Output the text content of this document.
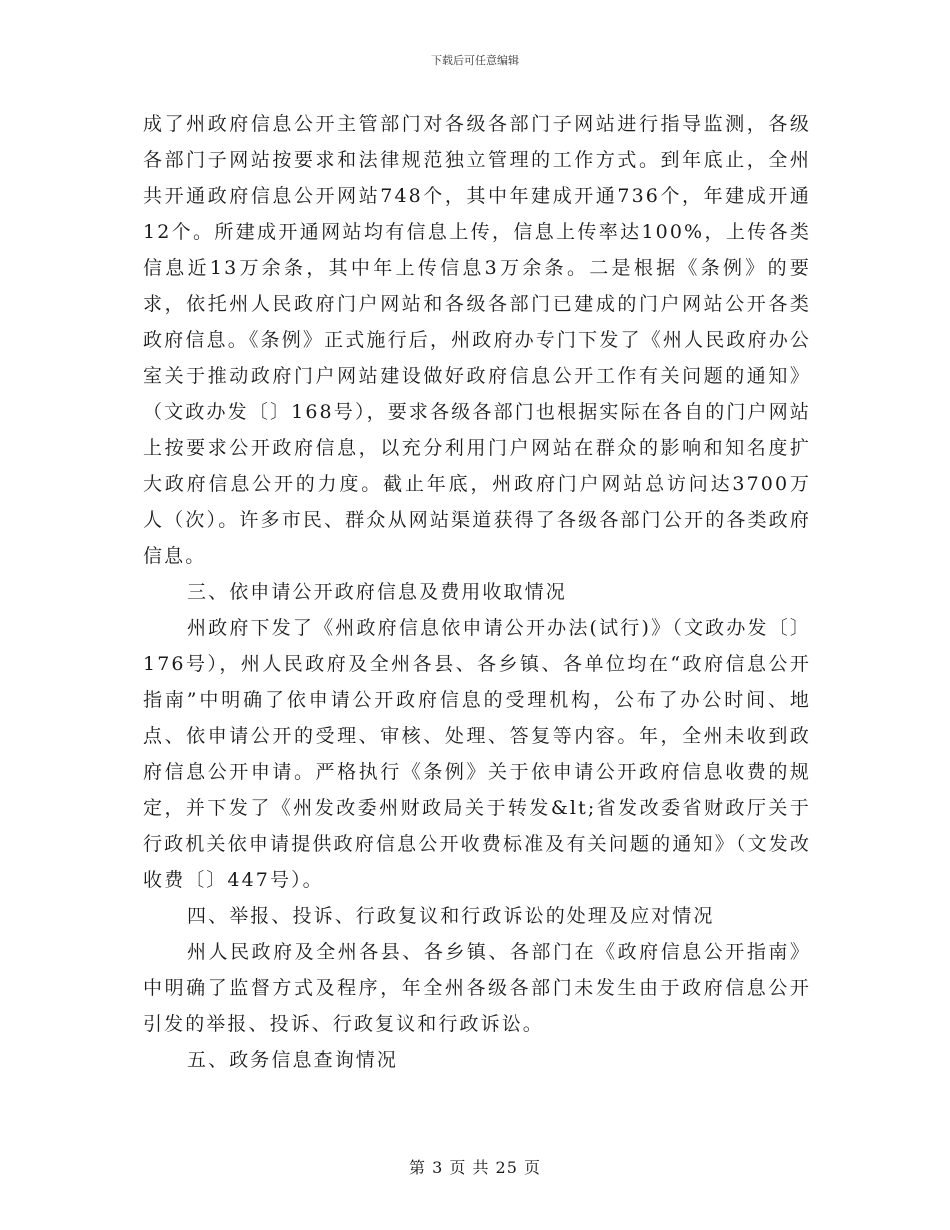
下载后可任意编辑

成了州政府信息公开主管部门对各级各部门子网站进行指导监测，各级各部门子网站按要求和法律规范独立管理的工作方式。到年底止，全州共开通政府信息公开网站748个，其中年建成开通736个，年建成开通12个。所建成开通网站均有信息上传，信息上传率达100%，上传各类信息近13万余条，其中年上传信息3万余条。二是根据《条例》的要求，依托州人民政府门户网站和各级各部门已建成的门户网站公开各类政府信息。《条例》正式施行后，州政府办专门下发了《州人民政府办公室关于推动政府门户网站建设做好政府信息公开工作有关问题的通知》（文政办发〔〕168号），要求各级各部门也根据实际在各自的门户网站上按要求公开政府信息，以充分利用门户网站在群众的影响和知名度扩大政府信息公开的力度。截止年底，州政府门户网站总访问达3700万人（次）。许多市民、群众从网站渠道获得了各级各部门公开的各类政府信息。

三、依申请公开政府信息及费用收取情况

州政府下发了《州政府信息依申请公开办法(试行)》（文政办发〔〕176号），州人民政府及全州各县、各乡镇、各单位均在“政府信息公开指南”中明确了依申请公开政府信息的受理机构，公布了办公时间、地点、依申请公开的受理、审核、处理、答复等内容。年，全州未收到政府信息公开申请。严格执行《条例》关于依申请公开政府信息收费的规定，并下发了《州发改委州财政局关于转发&lt;省发改委省财政厅关于行政机关依申请提供政府信息公开收费标准及有关问题的通知》（文发改收费〔〕447号）。

四、举报、投诉、行政复议和行政诉讼的处理及应对情况

州人民政府及全州各县、各乡镇、各部门在《政府信息公开指南》中明确了监督方式及程序，年全州各级各部门未发生由于政府信息公开引发的举报、投诉、行政复议和行政诉讼。

五、政务信息查询情况

第 3 页 共 25 页
